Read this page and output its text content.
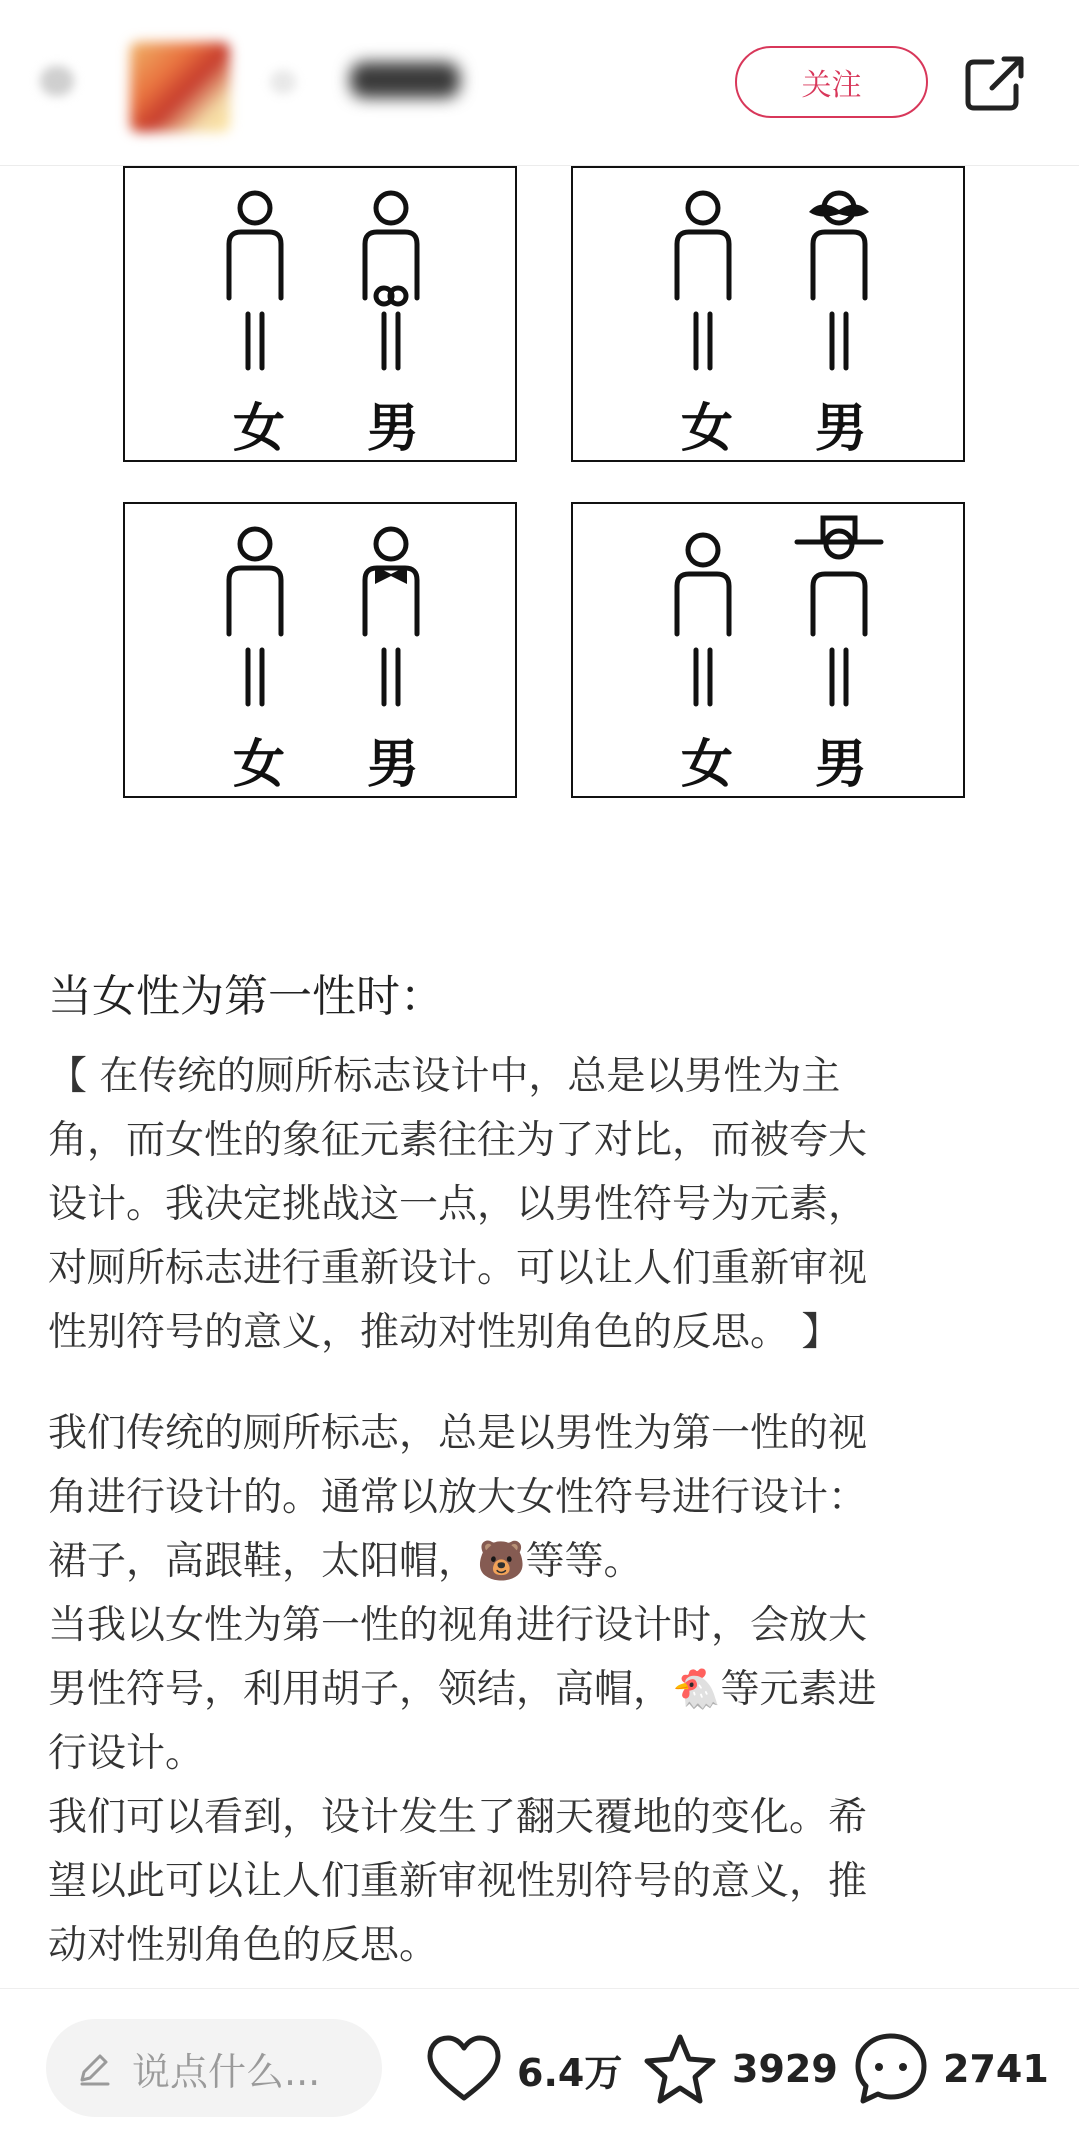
关注
女 男	女 男
女 男	女 男
当女性为第一性时：
【 在传统的厕所标志设计中，总是以男性为主
角，而女性的象征元素往往为了对比，而被夸大
设计。我决定挑战这一点，以男性符号为元素，
对厕所标志进行重新设计。可以让人们重新审视
性别符号的意义，推动对性别角色的反思。 】
我们传统的厕所标志，总是以男性为第一性的视
角进行设计的。通常以放大女性符号进行设计：
裙子，高跟鞋，太阳帽，🐻等等。
当我以女性为第一性的视角进行设计时，会放大
男性符号，利用胡子，领结，高帽，🐔等元素进
行设计。
我们可以看到，设计发生了翻天覆地的变化。希
望以此可以让人们重新审视性别符号的意义，推
动对性别角色的反思。
说点什么...	6.4万	3929	2741
